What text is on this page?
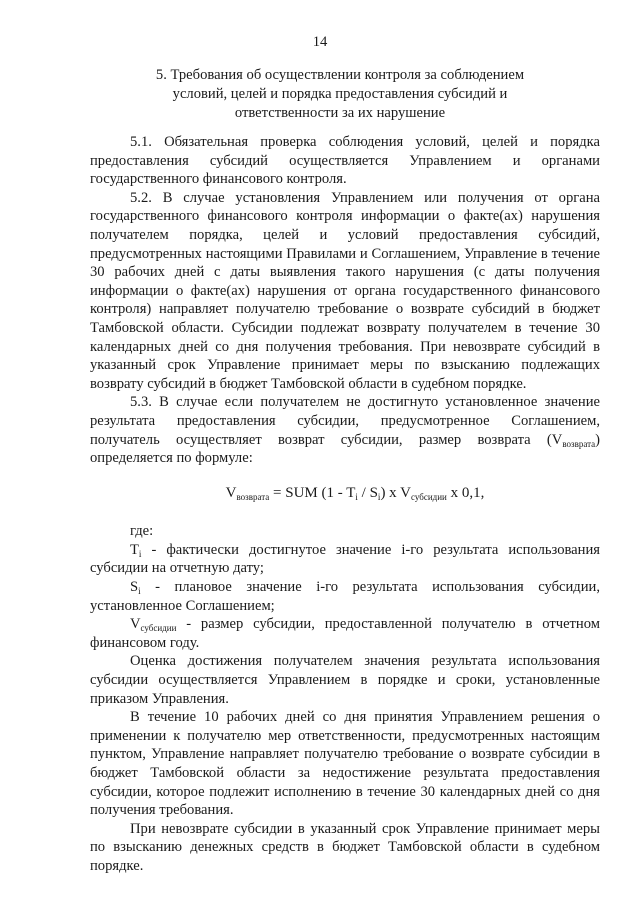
14
5. Требования об осуществлении контроля за соблюдением
условий, целей и порядка предоставления субсидий и
ответственности за их нарушение

5.1. Обязательная проверка соблюдения условий, целей и порядка предоставления субсидий осуществляется Управлением и органами государственного финансового контроля.

5.2. В случае установления Управлением или получения от органа государственного финансового контроля информации о факте(ах) нарушения получателем порядка, целей и условий предоставления субсидий, предусмотренных настоящими Правилами и Соглашением, Управление в течение 30 рабочих дней с даты выявления такого нарушения (с даты получения информации о факте(ах) нарушения от органа государственного финансового контроля) направляет получателю требование о возврате субсидий в бюджет Тамбовской области. Субсидии подлежат возврату получателем в течение 30 календарных дней со дня получения требования. При невозврате субсидий в указанный срок Управление принимает меры по взысканию подлежащих возврату субсидий в бюджет Тамбовской области в судебном порядке.

5.3. В случае если получателем не достигнуто установленное значение результата предоставления субсидии, предусмотренное Соглашением, получатель осуществляет возврат субсидии, размер возврата $(V_{возврата})$ определяется по формуле:

$V_{возврата}$ = SUM $(1 - T_i / S_i)$ x $V_{субсидии}$ x 0,1,

где:

$T_i$ - фактически достигнутое значение i-го результата использования субсидии на отчетную дату;

$S_i$ - плановое значение i-го результата использования субсидии, установленное Соглашением;

$V_{субсидии}$ - размер субсидии, предоставленной получателю в отчетном финансовом году.

Оценка достижения получателем значения результата использования субсидии осуществляется Управлением в порядке и сроки, установленные приказом Управления.

В течение 10 рабочих дней со дня принятия Управлением решения о применении к получателю мер ответственности, предусмотренных настоящим пунктом, Управление направляет получателю требование о возврате субсидии в бюджет Тамбовской области за недостижение результата предоставления субсидии, которое подлежит исполнению в течение 30 календарных дней со дня получения требования.

При невозврате субсидии в указанный срок Управление принимает меры по взысканию денежных средств в бюджет Тамбовской области в судебном порядке.
